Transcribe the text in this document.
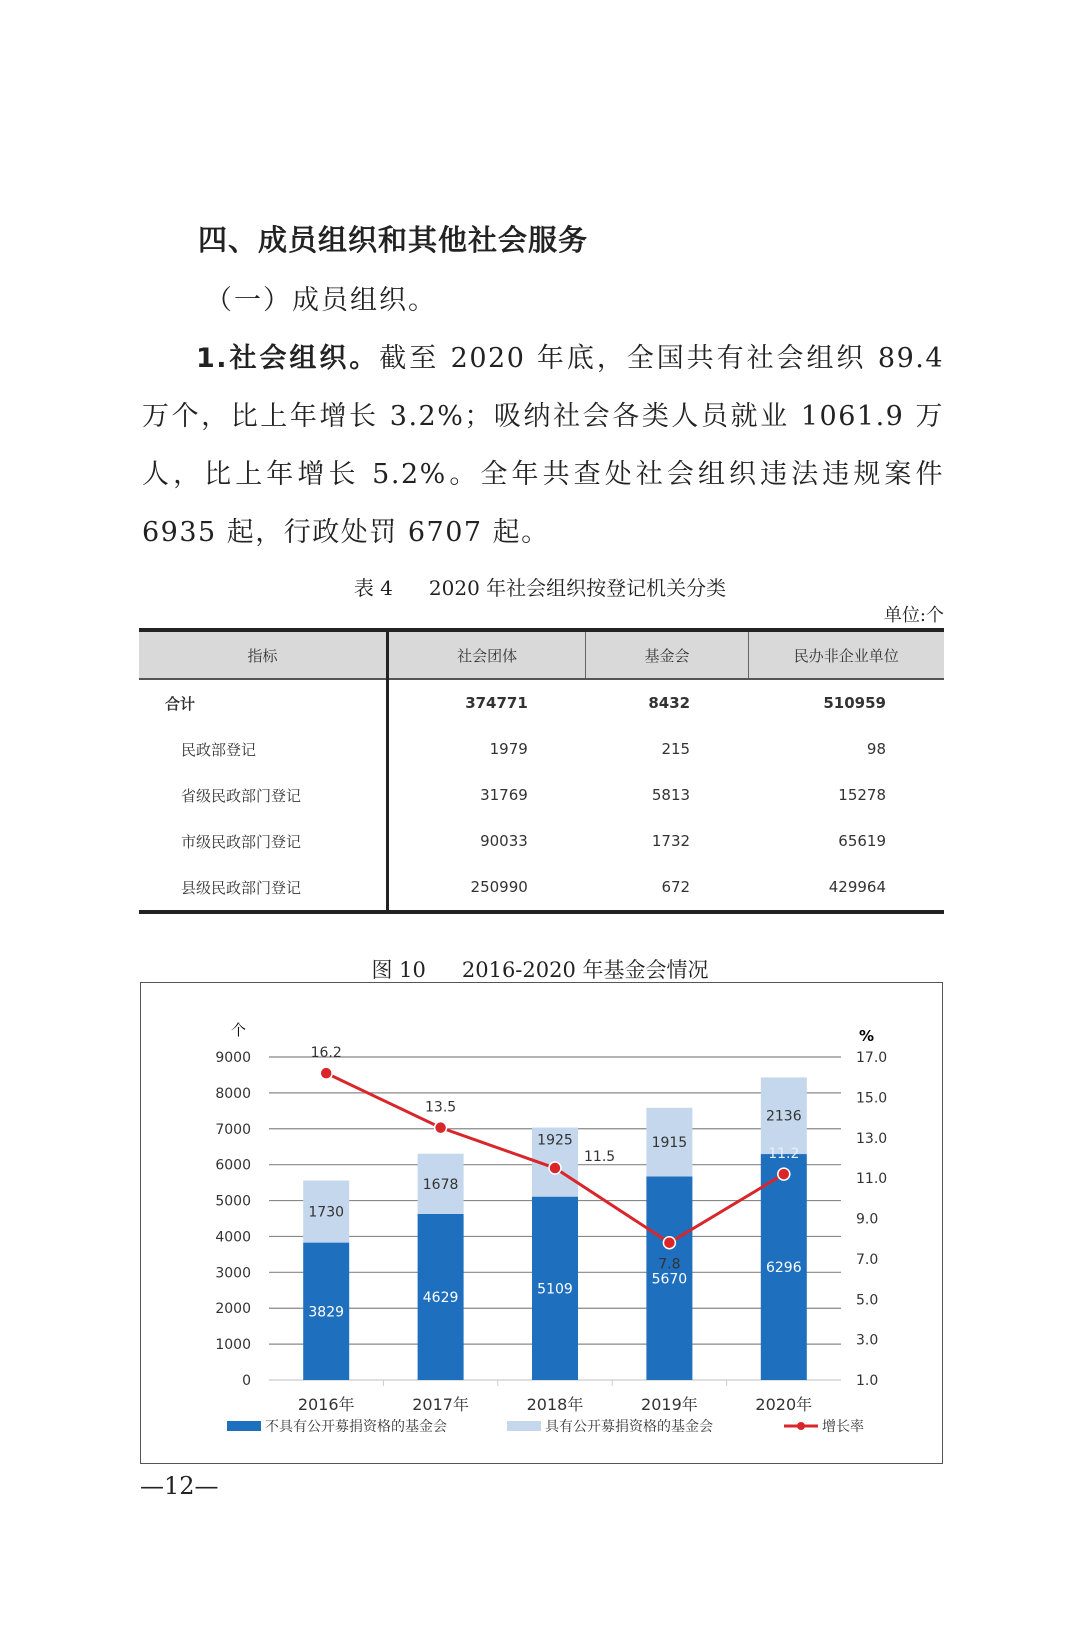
四、成员组织和其他社会服务
（一）成员组织。
1.社会组织。截至 2020 年底，全国共有社会组织 89.4 万个，比上年增长 3.2%；吸纳社会各类人员就业 1061.9 万人，比上年增长 5.2%。全年共查处社会组织违法违规案件 6935 起，行政处罚 6707 起。
表 4 2020 年社会组织按登记机关分类
单位:个
指标	社会团体	基金会	民办非企业单位
合计	374771	8432	510959
民政部登记	1979	215	98
省级民政部门登记	31769	5813	15278
市级民政部门登记	90033	1732	65619
县级民政部门登记	250990	672	429964
图 10 2016-2020 年基金会情况
0
1000
2000
3000
4000
5000
6000
7000
8000
9000
1.0
3.0
5.0
7.0
9.0
11.0
13.0
15.0
17.0
个	%
3829
1730
2016年
4629
1678
2017年
5109
1925
2018年
5670
1915
2019年
6296
2136
2020年
16.2
13.5
11.5
7.8
11.2
不具有公开募捐资格的基金会	具有公开募捐资格的基金会	增长率
—12—
